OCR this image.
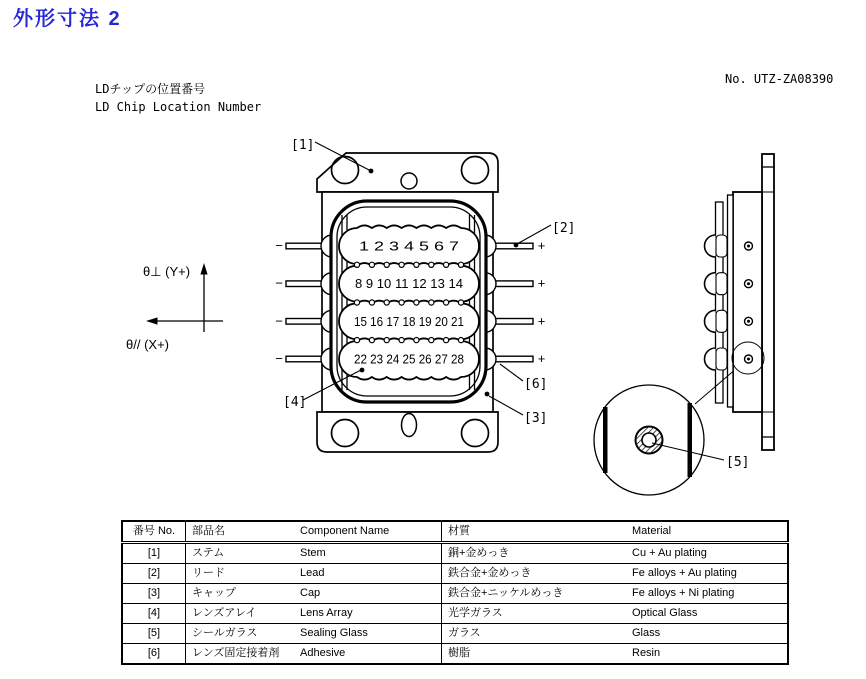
外形寸法 2
No. UTZ-ZA08390
LDチップの位置番号
LD Chip Location Number
θ⊥ (Y+)
θ// (X+)
1 2 3 4 5 6 7
8 9 10 11 12 13 14
15 16 17 18 19 20 21
22 23 24 25 26 27 28
−
−
−
−
+
+
+
+
[1]
[2]
[4]
[6]
[3]
[5]
番号 No.	部品名 Component Name	材質 Material
[1]	ステム Stem	銅+金めっき Cu + Au plating
[2]	リード Lead	鉄合金+金めっき Fe alloys + Au plating
[3]	キャップ Cap	鉄合金+ニッケルめっき Fe alloys + Ni plating
[4]	レンズアレイ Lens Array	光学ガラス Optical Glass
[5]	シールガラス Sealing Glass	ガラス Glass
[6]	レンズ固定接着剤 Adhesive	樹脂 Resin
